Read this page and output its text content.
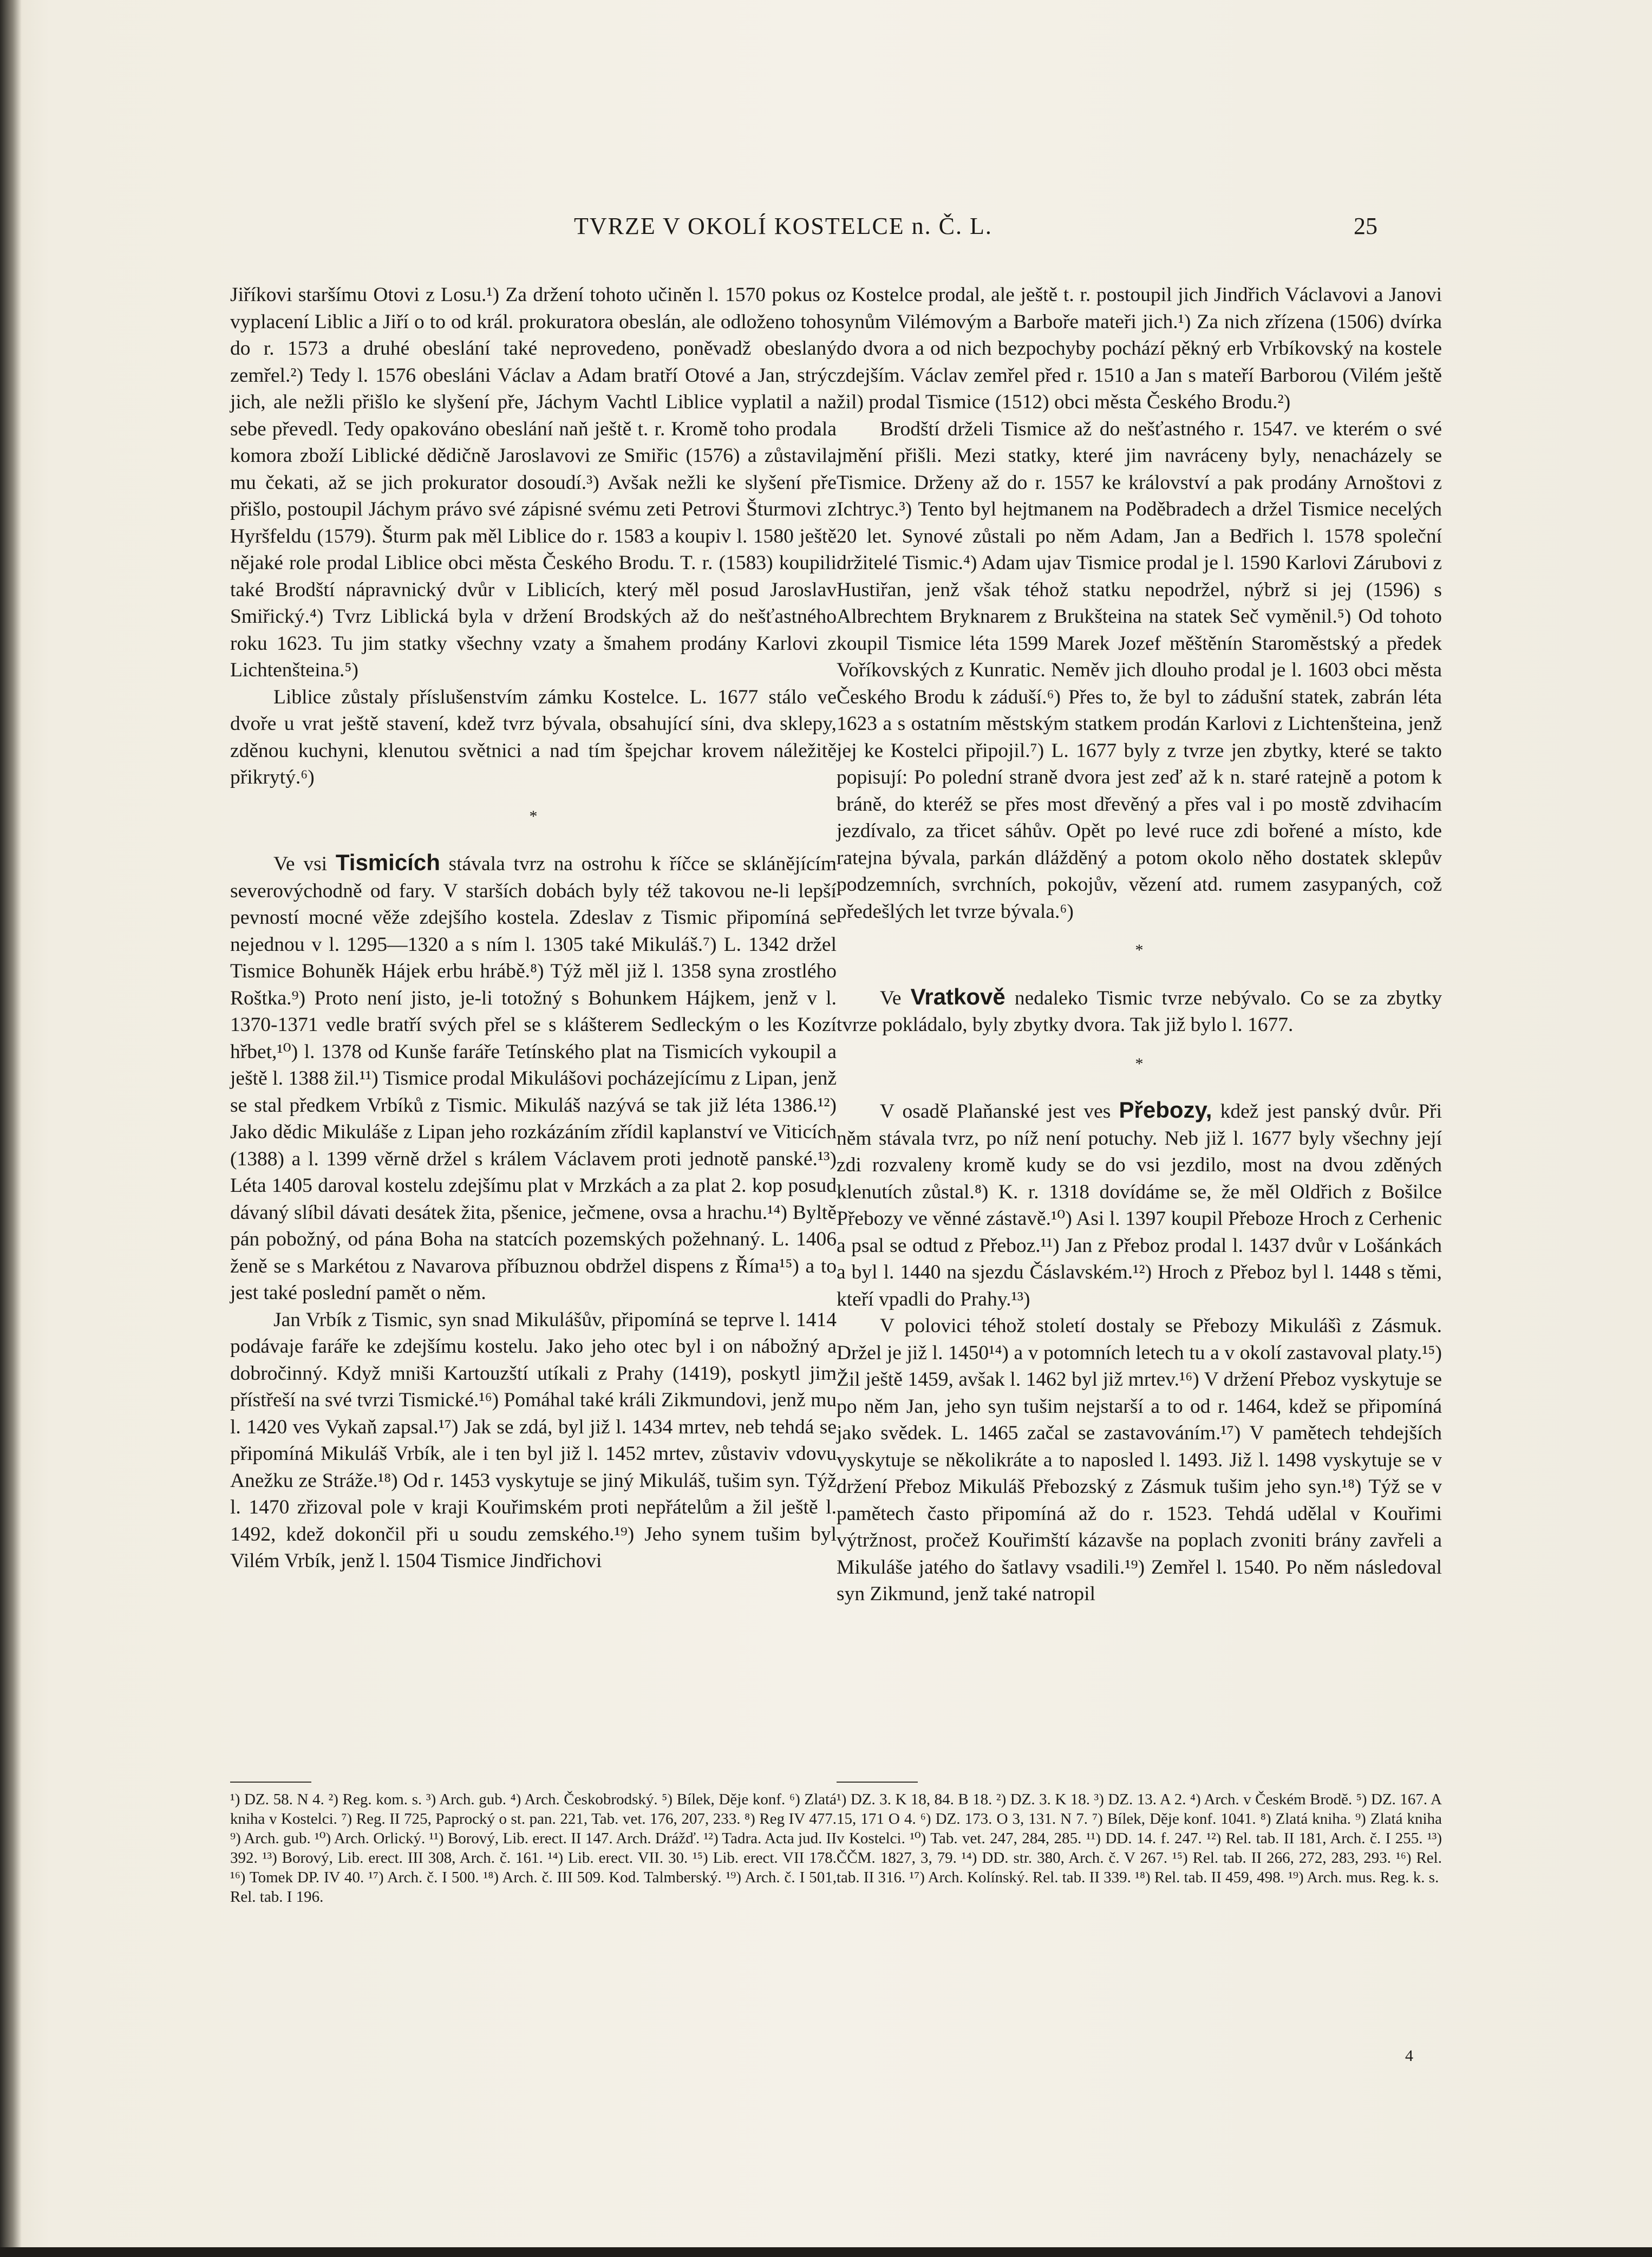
TVRZE V OKOLÍ KOSTELCE n. Č. L.	25

Jiříkovi staršímu Otovi z Losu.¹) Za držení tohoto učiněn l. 1570 pokus o vyplacení Liblic a Jiří o to od král. prokuratora obeslán, ale odloženo toho do r. 1573 a druhé obeslání také neprovedeno, poněvadž obeslaný zemřel.²) Tedy l. 1576 obesláni Václav a Adam bratří Otové a Jan, strýc jich, ale nežli přišlo ke slyšení pře, Jáchym Vachtl Liblice vyplatil a na sebe převedl. Tedy opakováno obeslání naň ještě t. r. Kromě toho prodala komora zboží Liblické dědičně Jaroslavovi ze Smiřic (1576) a zůstavila mu čekati, až se jich prokurator dosoudí.³) Avšak nežli ke slyšení pře přišlo, postoupil Jáchym právo své zápisné svému zeti Petrovi Šturmovi z Hyršfeldu (1579). Šturm pak měl Liblice do r. 1583 a koupiv l. 1580 ještě nějaké role prodal Liblice obci města Českého Brodu. T. r. (1583) koupili také Brodští nápravnický dvůr v Liblicích, který měl posud Jaroslav Smiřický.⁴) Tvrz Liblická byla v držení Brodských až do nešťastného roku 1623. Tu jim statky všechny vzaty a šmahem prodány Karlovi z Lichtenšteina.⁵)

Liblice zůstaly příslušenstvím zámku Kostelce. L. 1677 stálo ve dvoře u vrat ještě stavení, kdež tvrz bývala, obsahující síni, dva sklepy, zděnou kuchyni, klenutou světnici a nad tím špejchar krovem náležitě přikrytý.⁶)

*

Ve vsi Tismicích stávala tvrz na ostrohu k říčce se sklánějícím severovýchodně od fary. V starších dobách byly též takovou ne-li lepší pevností mocné věže zdejšího kostela. Zdeslav z Tismic připomíná se nejednou v l. 1295—1320 a s ním l. 1305 také Mikuláš.⁷) L. 1342 držel Tismice Bohuněk Hájek erbu hrábě.⁸) Týž měl již l. 1358 syna zrostlého Roštka.⁹) Proto není jisto, je-li totožný s Bohunkem Hájkem, jenž v l. 1370-1371 vedle bratří svých přel se s klášterem Sedleckým o les Kozí hřbet,¹⁰) l. 1378 od Kunše faráře Tetínského plat na Tismicích vykoupil a ještě l. 1388 žil.¹¹) Tismice prodal Mikulášovi pocházejícímu z Lipan, jenž se stal předkem Vrbíků z Tismic. Mikuláš nazývá se tak již léta 1386.¹²) Jako dědic Mikuláše z Lipan jeho rozkázáním zřídil kaplanství ve Viticích (1388) a l. 1399 věrně držel s králem Václavem proti jednotě panské.¹³) Léta 1405 daroval kostelu zdejšímu plat v Mrzkách a za plat 2. kop posud dávaný slíbil dávati desátek žita, pšenice, ječmene, ovsa a hrachu.¹⁴) Byltě pán pobožný, od pána Boha na statcích pozemských požehnaný. L. 1406 ženě se s Markétou z Navarova příbuznou obdržel dispens z Říma¹⁵) a to jest také poslední pamět o něm.

Jan Vrbík z Tismic, syn snad Mikulášův, připomíná se teprve l. 1414 podávaje faráře ke zdejšímu kostelu. Jako jeho otec byl i on nábožný a dobročinný. Když mniši Kartouzští utíkali z Prahy (1419), poskytl jim přístřeší na své tvrzi Tismické.¹⁶) Pomáhal také králi Zikmundovi, jenž mu l. 1420 ves Vykaň zapsal.¹⁷) Jak se zdá, byl již l. 1434 mrtev, neb tehdá se připomíná Mikuláš Vrbík, ale i ten byl již l. 1452 mrtev, zůstaviv vdovu Anežku ze Stráže.¹⁸) Od r. 1453 vyskytuje se jiný Mikuláš, tušim syn. Týž l. 1470 zřizoval pole v kraji Kouřimském proti nepřátelům a žil ještě l. 1492, kdež dokončil při u soudu zemského.¹⁹) Jeho synem tušim byl Vilém Vrbík, jenž l. 1504 Tismice Jindřichovi

¹) DZ. 58. N 4. ²) Reg. kom. s. ³) Arch. gub. ⁴) Arch. Českobrodský. ⁵) Bílek, Děje konf. ⁶) Zlatá kniha v Kostelci. ⁷) Reg. II 725, Paprocký o st. pan. 221, Tab. vet. 176, 207, 233. ⁸) Reg IV 477. ⁹) Arch. gub. ¹⁰) Arch. Orlický. ¹¹) Borový, Lib. erect. II 147. Arch. Drážď. ¹²) Tadra. Acta jud. II 392. ¹³) Borový, Lib. erect. III 308, Arch. č. 161. ¹⁴) Lib. erect. VII. 30. ¹⁵) Lib. erect. VII 178. ¹⁶) Tomek DP. IV 40. ¹⁷) Arch. č. I 500. ¹⁸) Arch. č. III 509. Kod. Talmberský. ¹⁹) Arch. č. I 501, Rel. tab. I 196.

z Kostelce prodal, ale ještě t. r. postoupil jich Jindřich Václavovi a Janovi synům Vilémovým a Barboře mateři jich.¹) Za nich zřízena (1506) dvírka do dvora a od nich bezpochyby pochází pěkný erb Vrbíkovský na kostele zdejším. Václav zemřel před r. 1510 a Jan s mateří Barborou (Vilém ještě žil) prodal Tismice (1512) obci města Českého Brodu.²)

Brodští drželi Tismice až do nešťastného r. 1547. ve kterém o své jmění přišli. Mezi statky, které jim navráceny byly, nenacházely se Tismice. Drženy až do r. 1557 ke království a pak prodány Arnoštovi z Ichtryc.³) Tento byl hejtmanem na Poděbradech a držel Tismice necelých 20 let. Synové zůstali po něm Adam, Jan a Bedřich l. 1578 společní držitelé Tismic.⁴) Adam ujav Tismice prodal je l. 1590 Karlovi Zárubovi z Hustiřan, jenž však téhož statku nepodržel, nýbrž si jej (1596) s Albrechtem Bryknarem z Brukšteina na statek Seč vyměnil.⁵) Od tohoto koupil Tismice léta 1599 Marek Jozef měštěnín Staroměstský a předek Voříkovských z Kunratic. Neměv jich dlouho prodal je l. 1603 obci města Českého Brodu k záduší.⁶) Přes to, že byl to zádušní statek, zabrán léta 1623 a s ostatním městským statkem prodán Karlovi z Lichtenšteina, jenž jej ke Kostelci připojil.⁷) L. 1677 byly z tvrze jen zbytky, které se takto popisují: Po polední straně dvora jest zeď až k n. staré ratejně a potom k bráně, do kteréž se přes most dřevěný a přes val i po mostě zdvihacím jezdívalo, za třicet sáhův. Opět po levé ruce zdi bořené a místo, kde ratejna bývala, parkán dlážděný a potom okolo něho dostatek sklepův podzemních, svrchních, pokojův, vězení atd. rumem zasypaných, což předešlých let tvrze bývala.⁶)

*

Ve Vratkově nedaleko Tismic tvrze nebývalo. Co se za zbytky tvrze pokládalo, byly zbytky dvora. Tak již bylo l. 1677.

*

V osadě Plaňanské jest ves Přebozy, kdež jest panský dvůr. Při něm stávala tvrz, po níž není potuchy. Neb již l. 1677 byly všechny její zdi rozvaleny kromě kudy se do vsi jezdilo, most na dvou zděných klenutích zůstal.⁸) K. r. 1318 dovídáme se, že měl Oldřich z Bošilce Přebozy ve věnné zástavě.¹⁰) Asi l. 1397 koupil Přeboze Hroch z Cerhenic a psal se odtud z Přeboz.¹¹) Jan z Přeboz prodal l. 1437 dvůr v Lošánkách a byl l. 1440 na sjezdu Čáslavském.¹²) Hroch z Přeboz byl l. 1448 s těmi, kteří vpadli do Prahy.¹³)

V polovici téhož století dostaly se Přebozy Mikulášì z Zásmuk. Držel je již l. 1450¹⁴) a v potomních letech tu a v okolí zastavoval platy.¹⁵) Žil ještě 1459, avšak l. 1462 byl již mrtev.¹⁶) V držení Přeboz vyskytuje se po něm Jan, jeho syn tušim nejstarší a to od r. 1464, kdež se připomíná jako svědek. L. 1465 začal se zastavováním.¹⁷) V pamětech tehdejších vyskytuje se několikráte a to naposled l. 1493. Již l. 1498 vyskytuje se v držení Přeboz Mikuláš Přebozský z Zásmuk tušim jeho syn.¹⁸) Týž se v pamětech často připomíná až do r. 1523. Tehdá udělal v Kouřimi výtržnost, pročež Kouřimští kázavše na poplach zvoniti brány zavřeli a Mikuláše jatého do šatlavy vsadili.¹⁹) Zemřel l. 1540. Po něm následoval syn Zikmund, jenž také natropil

¹) DZ. 3. K 18, 84. B 18. ²) DZ. 3. K 18. ³) DZ. 13. A 2. ⁴) Arch. v Českém Brodě. ⁵) DZ. 167. A 15, 171 O 4. ⁶) DZ. 173. O 3, 131. N 7. ⁷) Bílek, Děje konf. 1041. ⁸) Zlatá kniha. ⁹) Zlatá kniha v Kostelci. ¹⁰) Tab. vet. 247, 284, 285. ¹¹) DD. 14. f. 247. ¹²) Rel. tab. II 181, Arch. č. I 255. ¹³) ČČM. 1827, 3, 79. ¹⁴) DD. str. 380, Arch. č. V 267. ¹⁵) Rel. tab. II 266, 272, 283, 293. ¹⁶) Rel. tab. II 316. ¹⁷) Arch. Kolínský. Rel. tab. II 339. ¹⁸) Rel. tab. II 459, 498. ¹⁹) Arch. mus. Reg. k. s.
4
